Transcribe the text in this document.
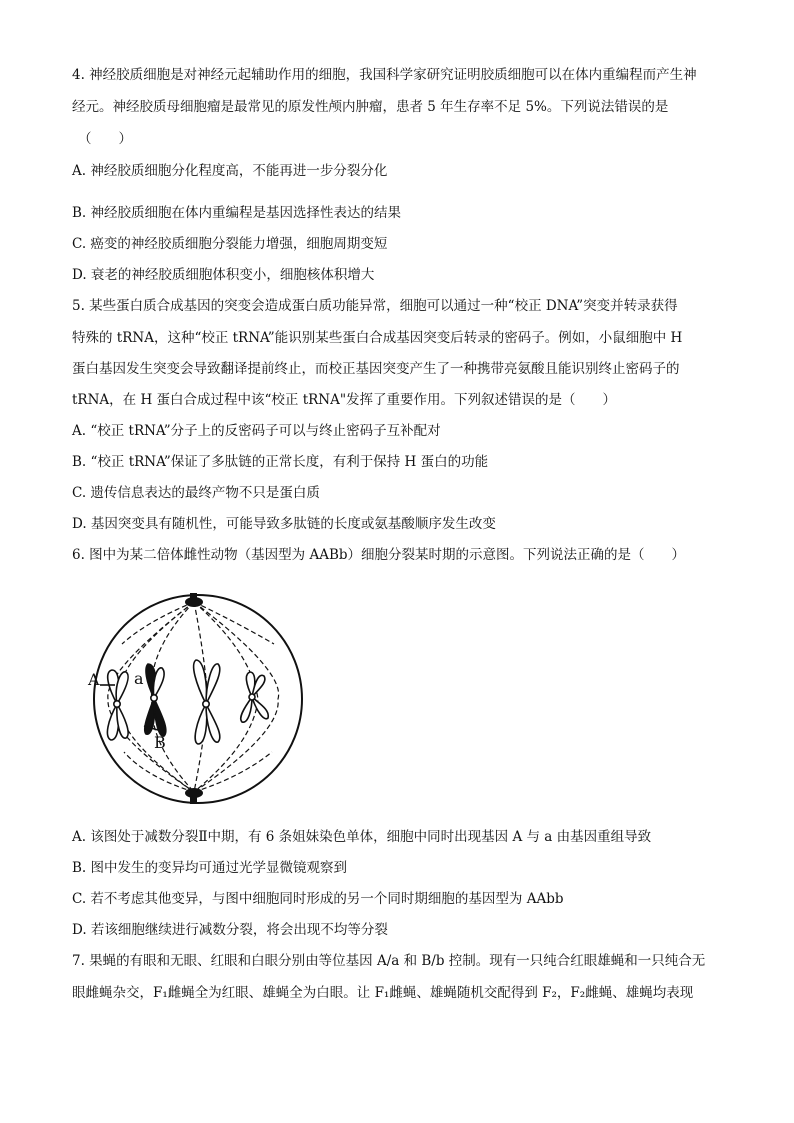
4. 神经胶质细胞是对神经元起辅助作用的细胞，我国科学家研究证明胶质细胞可以在体内重编程而产生神
经元。神经胶质母细胞瘤是最常见的原发性颅内肿瘤，患者 5 年生存率不足 5%。下列说法错误的是
（　　）
A. 神经胶质细胞分化程度高，不能再进一步分裂分化
B. 神经胶质细胞在体内重编程是基因选择性表达的结果
C. 癌变的神经胶质细胞分裂能力增强，细胞周期变短
D. 衰老的神经胶质细胞体积变小，细胞核体积增大
5. 某些蛋白质合成基因的突变会造成蛋白质功能异常，细胞可以通过一种“校正 DNA”突变并转录获得
特殊的 tRNA，这种“校正 tRNA”能识别某些蛋白合成基因突变后转录的密码子。例如，小鼠细胞中 H
蛋白基因发生突变会导致翻译提前终止，而校正基因突变产生了一种携带亮氨酸且能识别终止密码子的
tRNA，在 H 蛋白合成过程中该“校正 tRNA"发挥了重要作用。下列叙述错误的是（　　）
A. “校正 tRNA”分子上的反密码子可以与终止密码子互补配对
B. “校正 tRNA”保证了多肽链的正常长度，有利于保持 H 蛋白的功能
C. 遗传信息表达的最终产物不只是蛋白质
D. 基因突变具有随机性，可能导致多肽链的长度或氨基酸顺序发生改变
6. 图中为某二倍体雌性动物（基因型为 AABb）细胞分裂某时期的示意图。下列说法正确的是（　　）
A a
B
A. 该图处于减数分裂Ⅱ中期，有 6 条姐妹染色单体，细胞中同时出现基因 A 与 a 由基因重组导致
B. 图中发生的变异均可通过光学显微镜观察到
C. 若不考虑其他变异，与图中细胞同时形成的另一个同时期细胞的基因型为 AAbb
D. 若该细胞继续进行减数分裂，将会出现不均等分裂
7. 果蝇的有眼和无眼、红眼和白眼分别由等位基因 A/a 和 B/b 控制。现有一只纯合红眼雄蝇和一只纯合无
眼雌蝇杂交，F₁雌蝇全为红眼、雄蝇全为白眼。让 F₁雌蝇、雄蝇随机交配得到 F₂，F₂雌蝇、雄蝇均表现
